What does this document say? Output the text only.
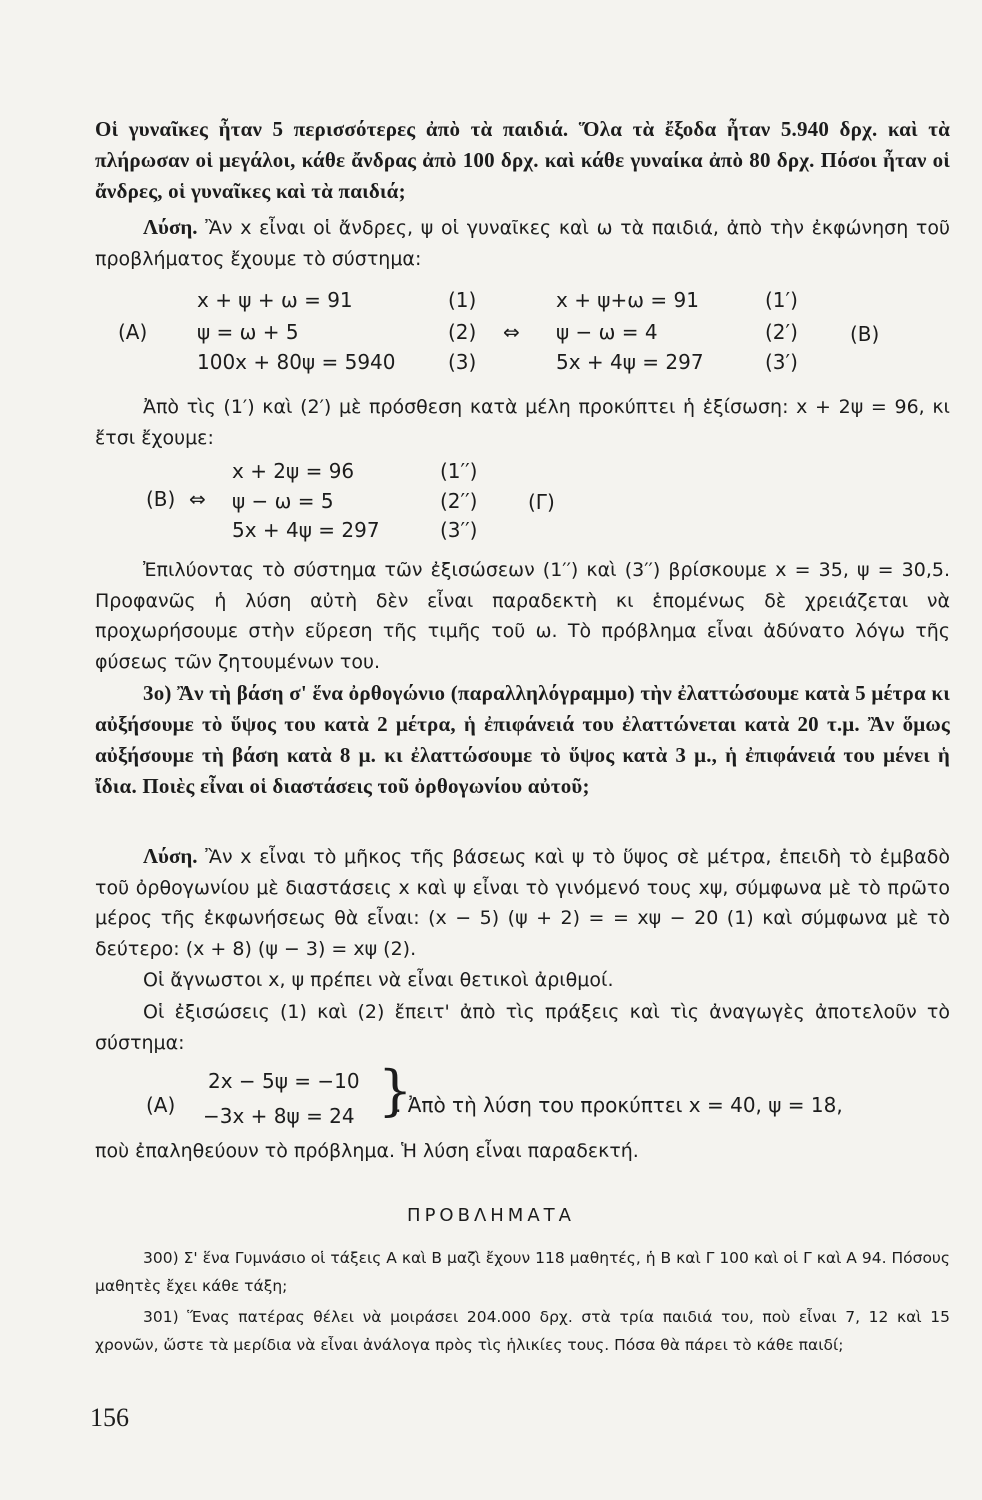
Οἱ γυναῖκες ἦταν 5 περισσότερες ἀπὸ τὰ παιδιά. Ὅλα τὰ ἔξοδα ἦταν 5.940 δρχ. καὶ τὰ πλήρωσαν οἱ μεγάλοι, κάθε ἄνδρας ἀπὸ 100 δρχ. καὶ κάθε γυναίκα ἀπὸ 80 δρχ. Πόσοι ἦταν οἱ ἄνδρες, οἱ γυναῖκες καὶ τὰ παιδιά;
Λύση. Ἂν x εἶναι οἱ ἄνδρες, ψ οἱ γυναῖκες καὶ ω τὰ παιδιά, ἀπὸ τὴν ἐκφώνηση τοῦ προβλήματος ἔχουμε τὸ σύστημα:
(A)
x + ψ + ω = 91	(1)
ψ = ω + 5	(2)
100x + 80ψ = 5940	(3)
⇔
x + ψ+ω = 91	(1′)
ψ − ω = 4	(2′)
5x + 4ψ = 297	(3′)
(B)
Ἀπὸ τὶς (1′) καὶ (2′) μὲ πρόσθεση κατὰ μέλη προκύπτει ἡ ἐξίσωση: x + 2ψ = 96, κι ἔτσι ἔχουμε:
(B) ⇔
x + 2ψ = 96	(1′′)
ψ − ω = 5	(2′′)
5x + 4ψ = 297	(3′′)
(Γ)
Ἐπιλύοντας τὸ σύστημα τῶν ἐξισώσεων (1′′) καὶ (3′′) βρίσκουμε x = 35, ψ = 30,5. Προφανῶς ἡ λύση αὐτὴ δὲν εἶναι παραδεκτὴ κι ἑπομένως δὲ χρειάζεται νὰ προχωρήσουμε στὴν εὕρεση τῆς τιμῆς τοῦ ω. Τὸ πρόβλημα εἶναι ἀδύνατο λόγω τῆς φύσεως τῶν ζητουμένων του.
3ο) Ἂν τὴ βάση σ' ἕνα ὀρθογώνιο (παραλληλόγραμμο) τὴν ἐλαττώσουμε κατὰ 5 μέτρα κι αὐξήσουμε τὸ ὕψος του κατὰ 2 μέτρα, ἡ ἐπιφάνειά του ἐλαττώνεται κατὰ 20 τ.μ. Ἂν ὅμως αὐξήσουμε τὴ βάση κατὰ 8 μ. κι ἐλαττώσουμε τὸ ὕψος κατὰ 3 μ., ἡ ἐπιφάνειά του μένει ἡ ἴδια. Ποιὲς εἶναι οἱ διαστάσεις τοῦ ὀρθογωνίου αὐτοῦ;
Λύση. Ἂν x εἶναι τὸ μῆκος τῆς βάσεως καὶ ψ τὸ ὕψος σὲ μέτρα, ἐπειδὴ τὸ ἐμβαδὸ τοῦ ὀρθογωνίου μὲ διαστάσεις x καὶ ψ εἶναι τὸ γινόμενό τους xψ, σύμφωνα μὲ τὸ πρῶτο μέρος τῆς ἐκφωνήσεως θὰ εἶναι: (x − 5) (ψ + 2) = = xψ − 20 (1) καὶ σύμφωνα μὲ τὸ δεύτερο: (x + 8) (ψ − 3) = xψ (2).
Οἱ ἄγνωστοι x, ψ πρέπει νὰ εἶναι θετικοὶ ἀριθμοί.
Οἱ ἐξισώσεις (1) καὶ (2) ἔπειτ' ἀπὸ τὶς πράξεις καὶ τὶς ἀναγωγὲς ἀποτελοῦν τὸ σύστημα:
(A)
2x − 5ψ = −10
−3x + 8ψ = 24 }
. Ἀπὸ τὴ λύση του προκύπτει x = 40, ψ = 18,
ποὺ ἐπαληθεύουν τὸ πρόβλημα. Ἡ λύση εἶναι παραδεκτή.
ΠΡΟΒΛΗΜΑΤΑ
300) Σ' ἕνα Γυμνάσιο οἱ τάξεις Α καὶ Β μαζὶ ἔχουν 118 μαθητές, ἡ Β καὶ Γ 100 καὶ οἱ Γ καὶ Α 94. Πόσους μαθητὲς ἔχει κάθε τάξη;
301) Ἕνας πατέρας θέλει νὰ μοιράσει 204.000 δρχ. στὰ τρία παιδιά του, ποὺ εἶναι 7, 12 καὶ 15 χρονῶν, ὥστε τὰ μερίδια νὰ εἶναι ἀνάλογα πρὸς τὶς ἡλικίες τους. Πόσα θὰ πάρει τὸ κάθε παιδί;
156
